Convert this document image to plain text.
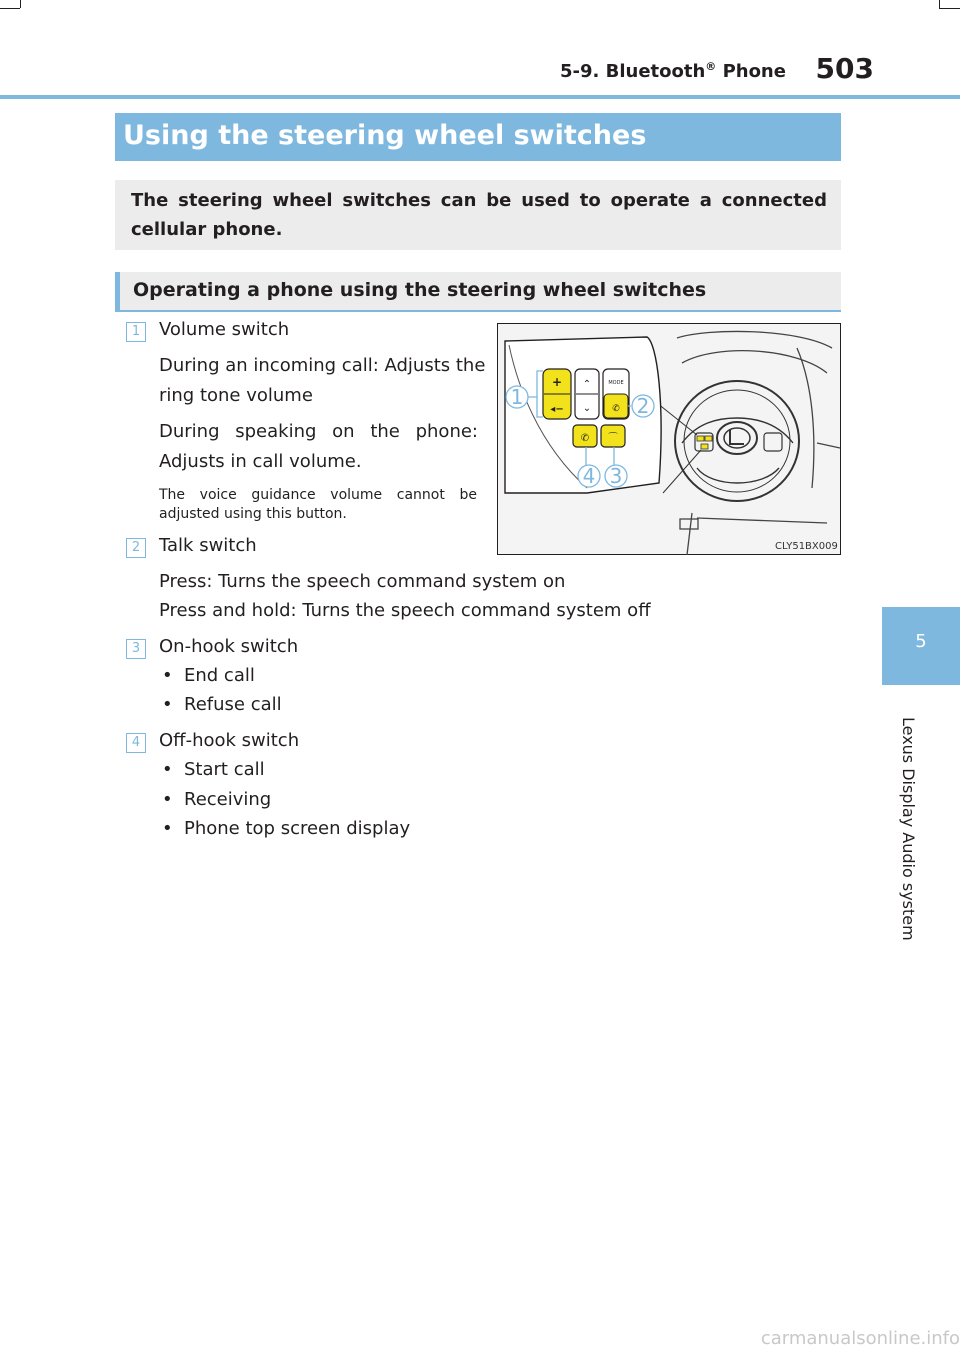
5-9. Bluetooth® Phone 503
5
Lexus Display Audio system
Using the steering wheel switches

The steering wheel switches can be used to operate a connected cellular phone.

Operating a phone using the steering wheel switches
1	Volume switch
During an incoming call: Adjusts the
ring tone volume
During speaking on the phone:
Adjusts in call volume.
The voice guidance volume cannot be adjusted using this button.
2	Talk switch
Press: Turns the speech command system on
Press and hold: Turns the speech command system off
3	On-hook switch
• End call
• Refuse call
4	Off-hook switch
• Start call
• Receiving
• Phone top screen display
+
◂−
⌃
⌄
MODE
✆
✆ ⌒
1	2
4 3
CLY51BX009
carmanualsonline.info
